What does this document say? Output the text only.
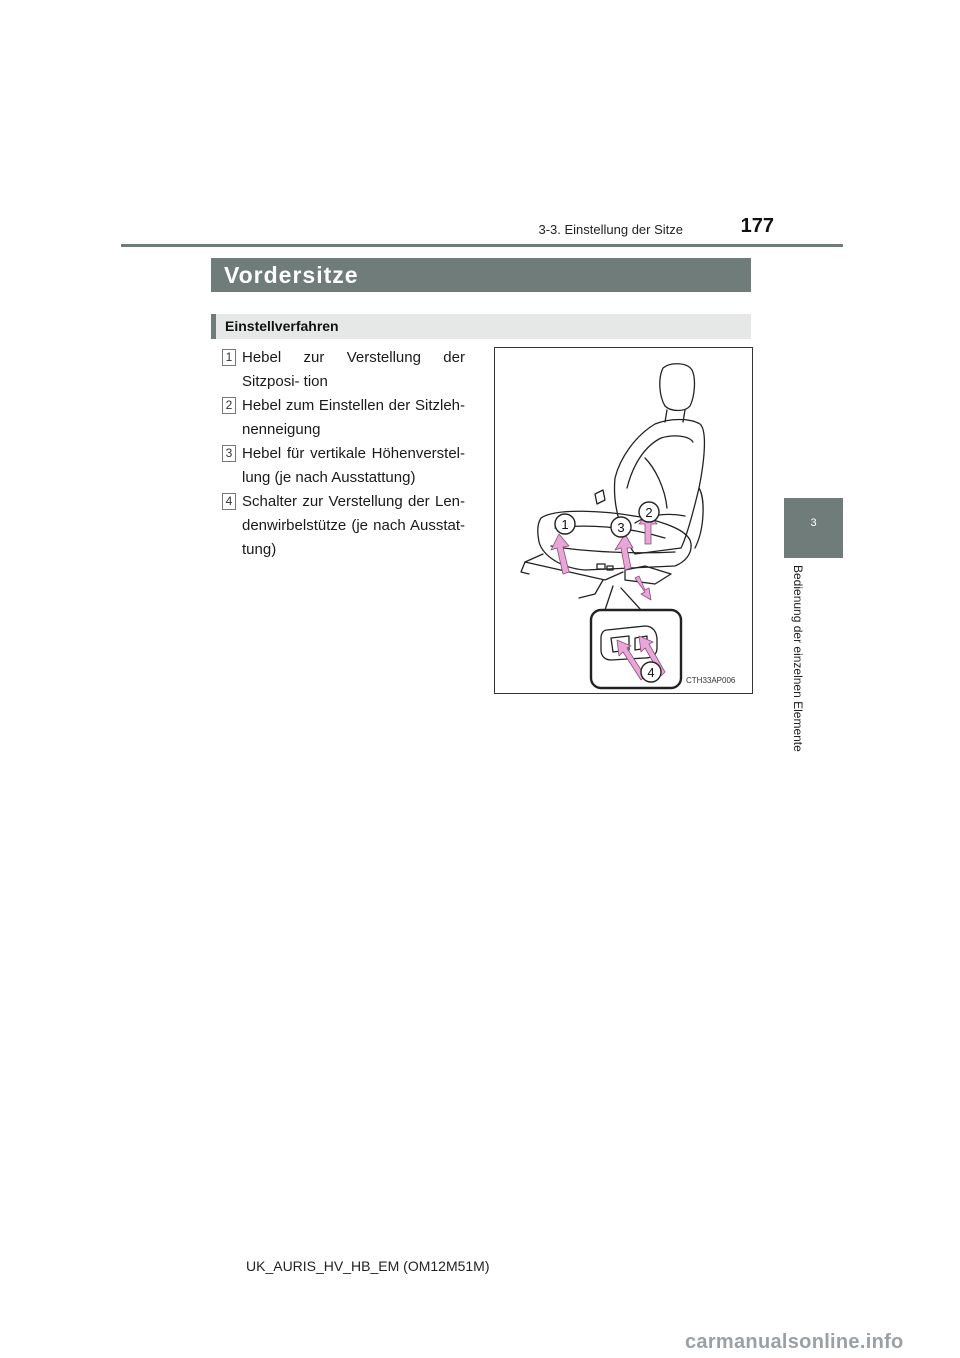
3-3. Einstellung der Sitze	177
3
Bedienung der einzelnen Elemente
Vordersitze
Einstellverfahren
1 Hebel zur Verstellung der Sitzposi- tion
2 Hebel zum Einstellen der Sitzleh- nenneigung
3 Hebel für vertikale Höhenverstel- lung (je nach Ausstattung)
4 Schalter zur Verstellung der Len- denwirbelstütze (je nach Ausstat- tung)
1
2
3
4
CTH33AP006
UK_AURIS_HV_HB_EM (OM12M51M)
carmanualsonline.info
